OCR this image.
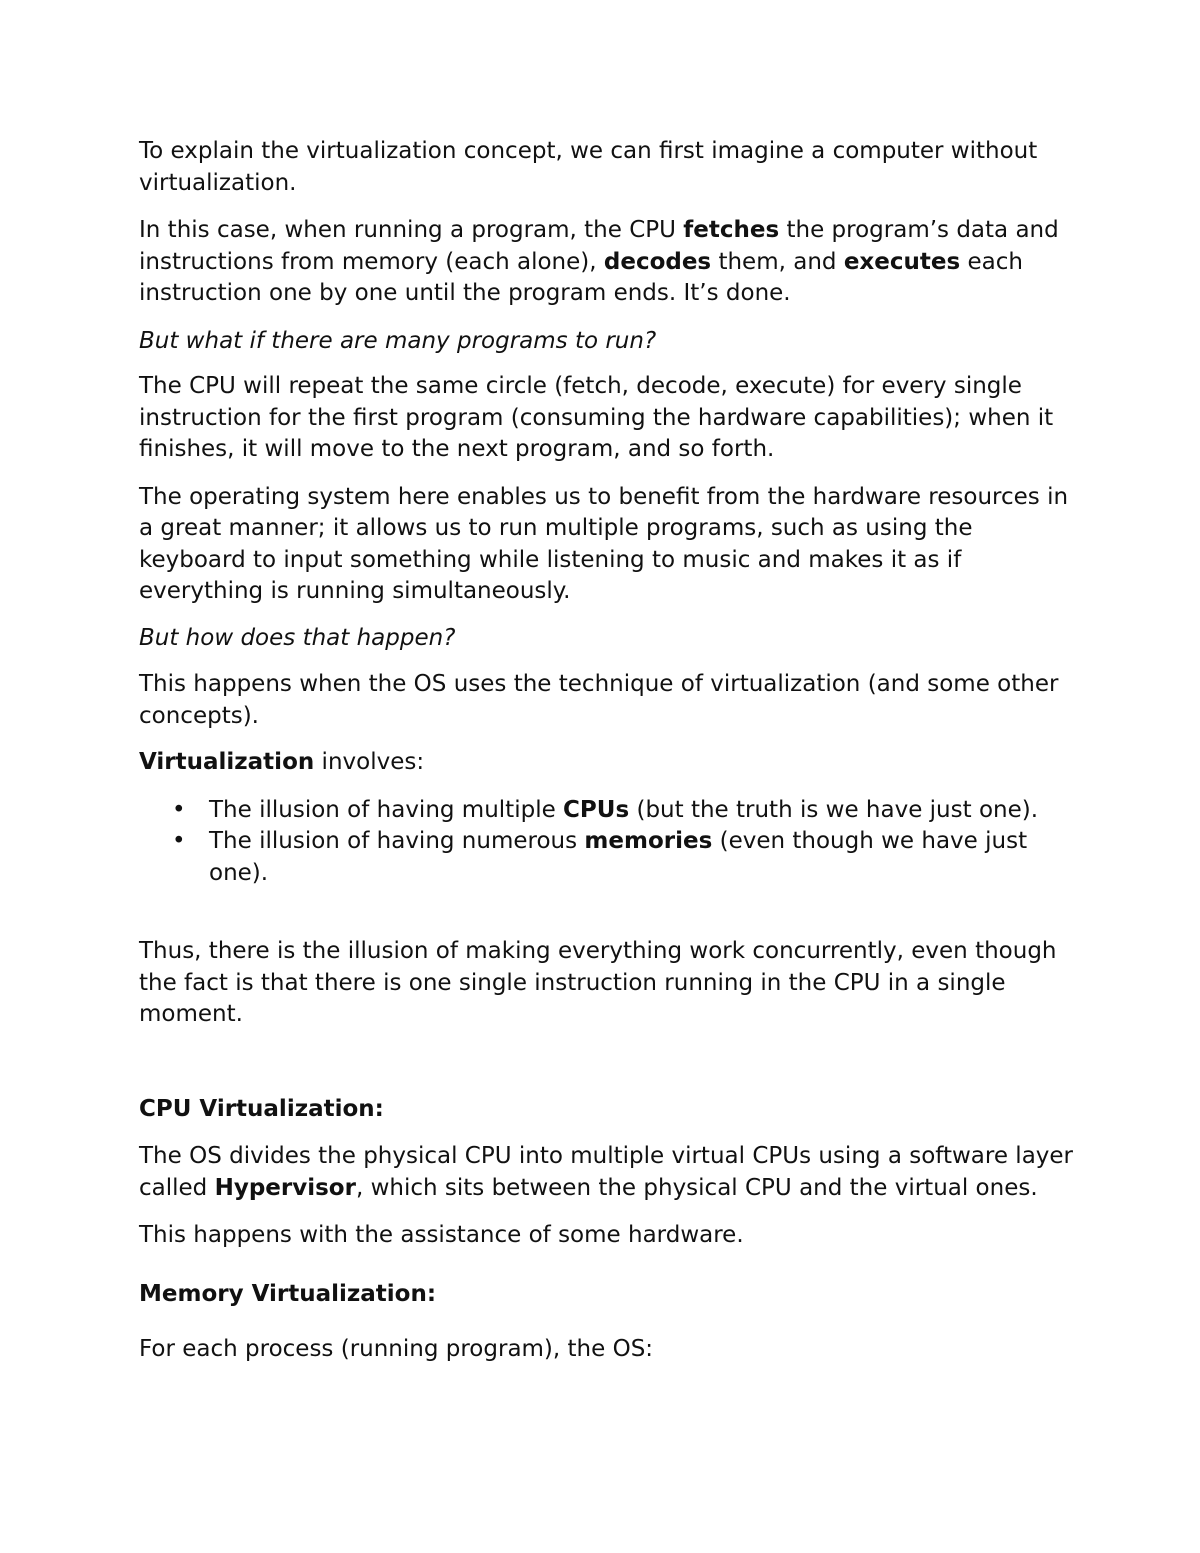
To explain the virtualization concept, we can first imagine a computer without virtualization.

In this case, when running a program, the CPU fetches the program’s data and instructions from memory (each alone), decodes them, and executes each instruction one by one until the program ends. It’s done.

But what if there are many programs to run?

The CPU will repeat the same circle (fetch, decode, execute) for every single instruction for the first program (consuming the hardware capabilities); when it finishes, it will move to the next program, and so forth.

The operating system here enables us to benefit from the hardware resources in a great manner; it allows us to run multiple programs, such as using the keyboard to input something while listening to music and makes it as if everything is running simultaneously.

But how does that happen?

This happens when the OS uses the technique of virtualization (and some other concepts).

Virtualization involves:

• The illusion of having multiple CPUs (but the truth is we have just one).
• The illusion of having numerous memories (even though we have just one).

Thus, there is the illusion of making everything work concurrently, even though the fact is that there is one single instruction running in the CPU in a single moment.

CPU Virtualization:

The OS divides the physical CPU into multiple virtual CPUs using a software layer called Hypervisor, which sits between the physical CPU and the virtual ones.

This happens with the assistance of some hardware.

Memory Virtualization:

For each process (running program), the OS:
